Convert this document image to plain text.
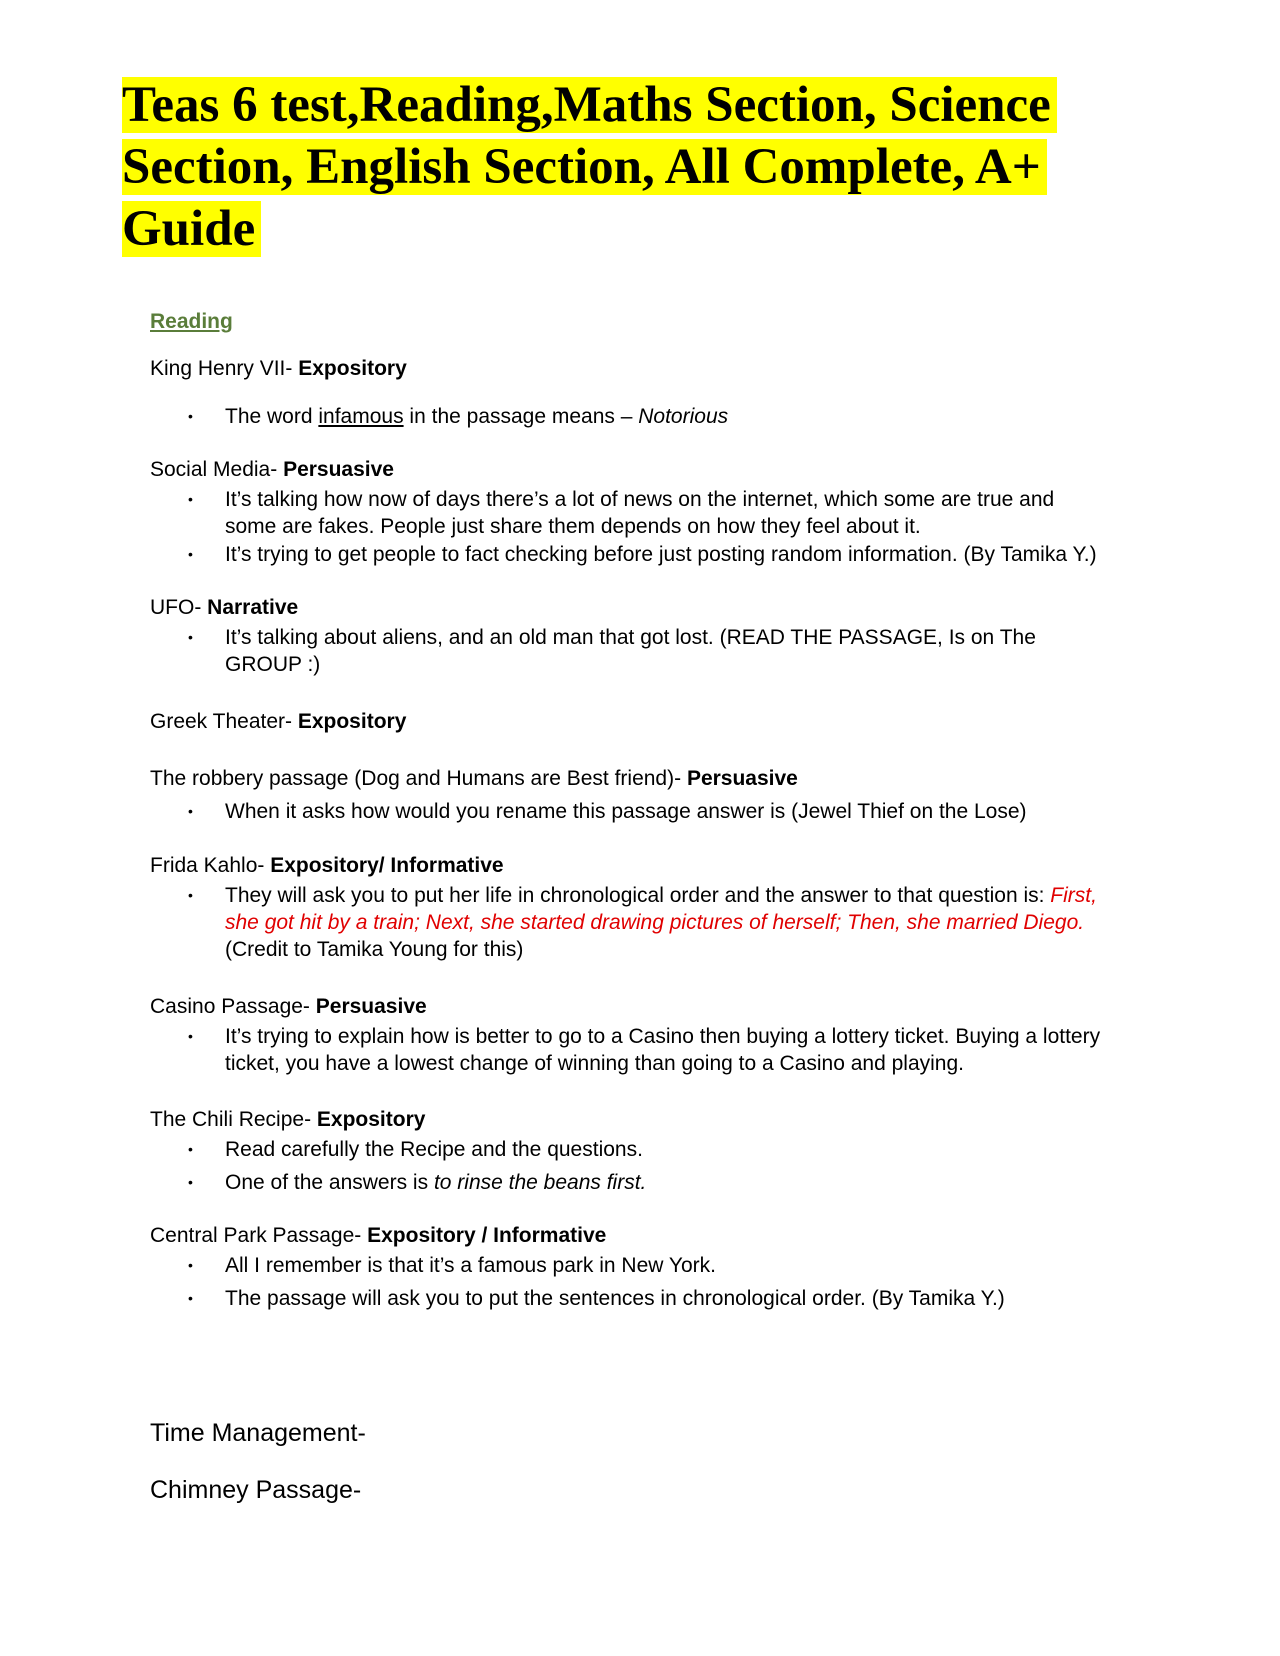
Teas 6 test,Reading,Maths Section, Science Section, English Section, All Complete, A+ Guide
Reading
King Henry VII- Expository
• The word infamous in the passage means – Notorious
Social Media- Persuasive
• It’s talking how now of days there’s a lot of news on the internet, which some are true and some are fakes. People just share them depends on how they feel about it.
• It’s trying to get people to fact checking before just posting random information. (By Tamika Y.)
UFO- Narrative
• It’s talking about aliens, and an old man that got lost. (READ THE PASSAGE, Is on The GROUP :)
Greek Theater- Expository
The robbery passage (Dog and Humans are Best friend)- Persuasive
• When it asks how would you rename this passage answer is (Jewel Thief on the Lose)
Frida Kahlo- Expository/ Informative
• They will ask you to put her life in chronological order and the answer to that question is: First, she got hit by a train; Next, she started drawing pictures of herself; Then, she married Diego. (Credit to Tamika Young for this)
Casino Passage- Persuasive
• It’s trying to explain how is better to go to a Casino then buying a lottery ticket. Buying a lottery ticket, you have a lowest change of winning than going to a Casino and playing.
The Chili Recipe- Expository
• Read carefully the Recipe and the questions.
• One of the answers is to rinse the beans first.
Central Park Passage- Expository / Informative
• All I remember is that it’s a famous park in New York.
• The passage will ask you to put the sentences in chronological order. (By Tamika Y.)
Time Management-
Chimney Passage-
